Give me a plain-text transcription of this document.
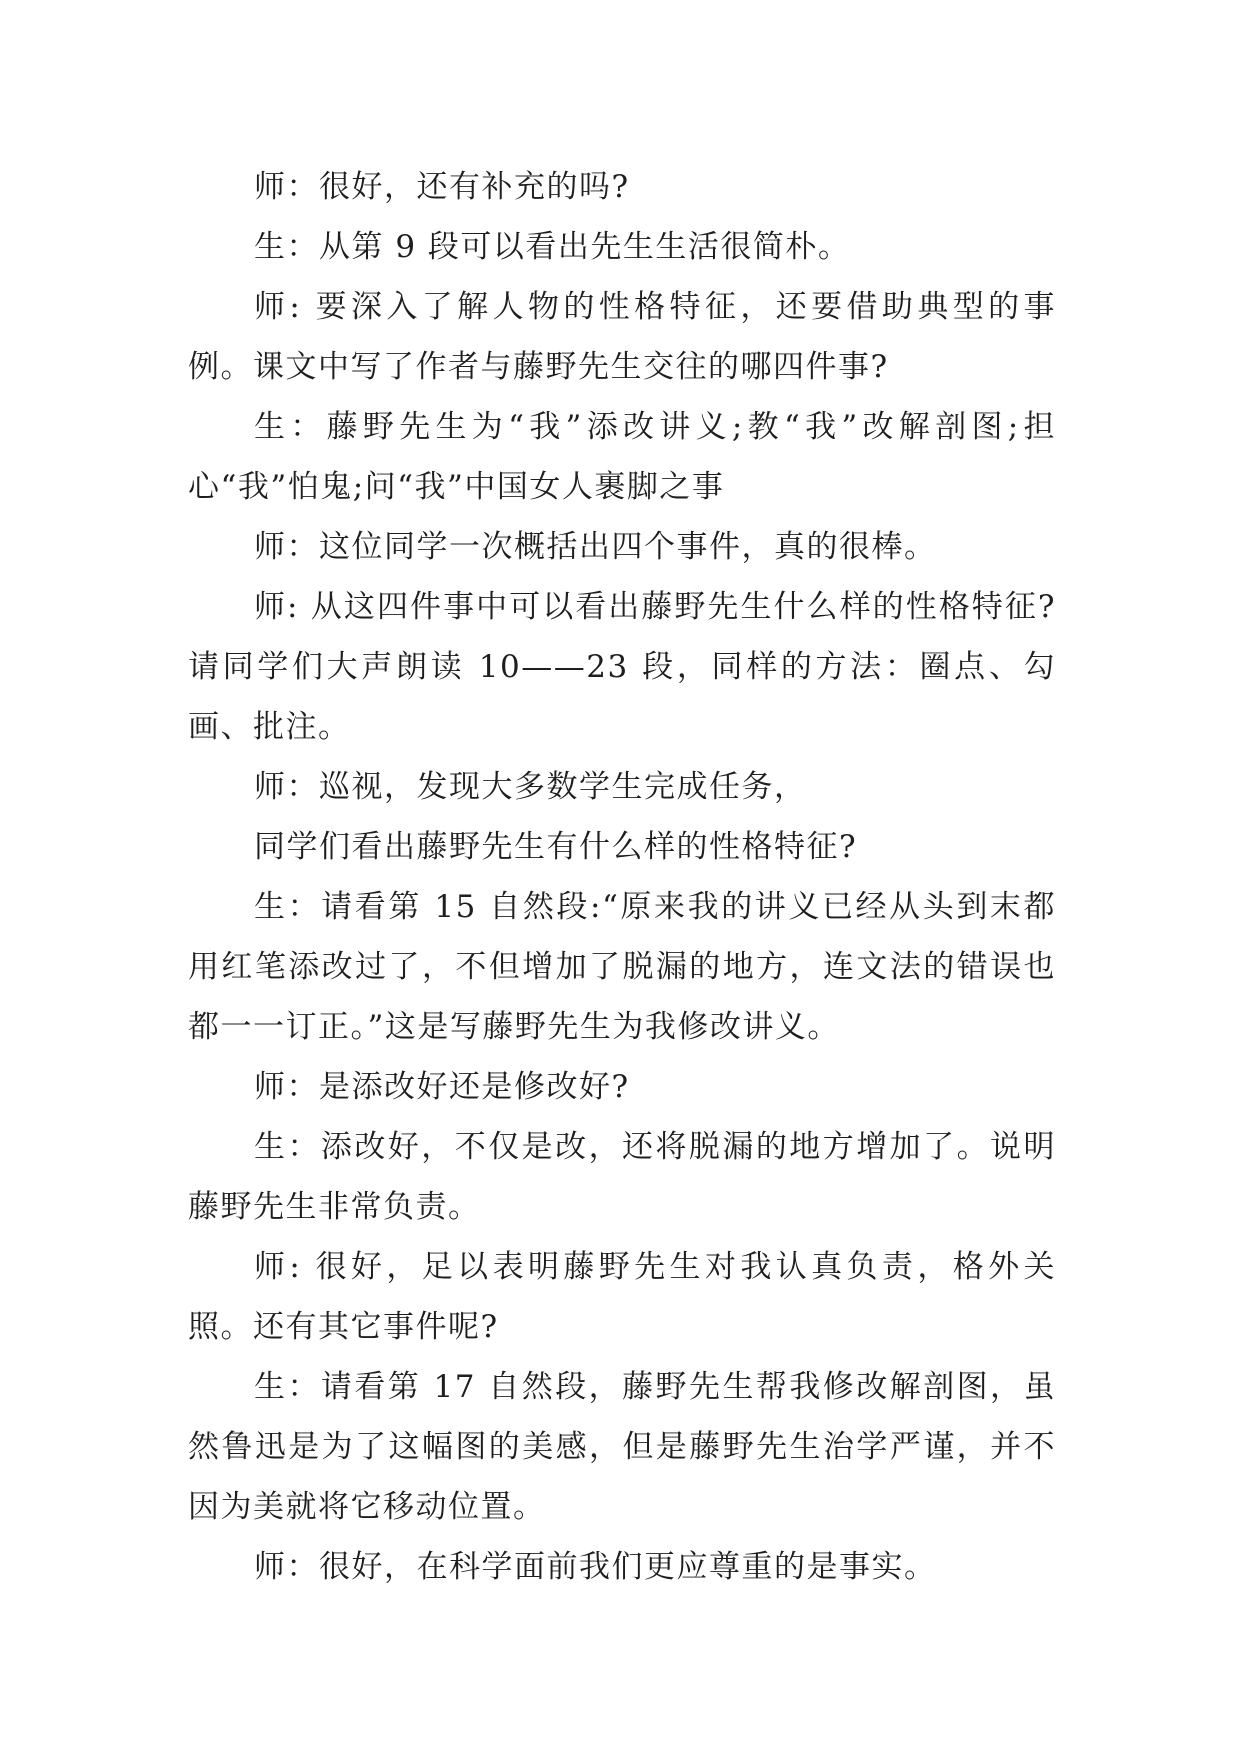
师：很好，还有补充的吗?

生：从第 9 段可以看出先生生活很简朴。

师: 要深入了解人物的性格特征，还要借助典型的事例。课文中写了作者与藤野先生交往的哪四件事?

生：藤野先生为“我”添改讲义;教“我”改解剖图;担心“我”怕鬼;问“我”中国女人裹脚之事

师：这位同学一次概括出四个事件，真的很棒。

师: 从这四件事中可以看出藤野先生什么样的性格特征?请同学们大声朗读 10——23 段，同样的方法：圈点、勾画、批注。

师：巡视，发现大多数学生完成任务，

同学们看出藤野先生有什么样的性格特征?

生：请看第 15 自然段:“原来我的讲义已经从头到末都用红笔添改过了，不但增加了脱漏的地方，连文法的错误也都一一订正。”这是写藤野先生为我修改讲义。

师：是添改好还是修改好?

生：添改好，不仅是改，还将脱漏的地方增加了。说明藤野先生非常负责。

师: 很好，足以表明藤野先生对我认真负责，格外关照。还有其它事件呢?

生：请看第 17 自然段，藤野先生帮我修改解剖图，虽然鲁迅是为了这幅图的美感，但是藤野先生治学严谨，并不因为美就将它移动位置。

师：很好，在科学面前我们更应尊重的是事实。
